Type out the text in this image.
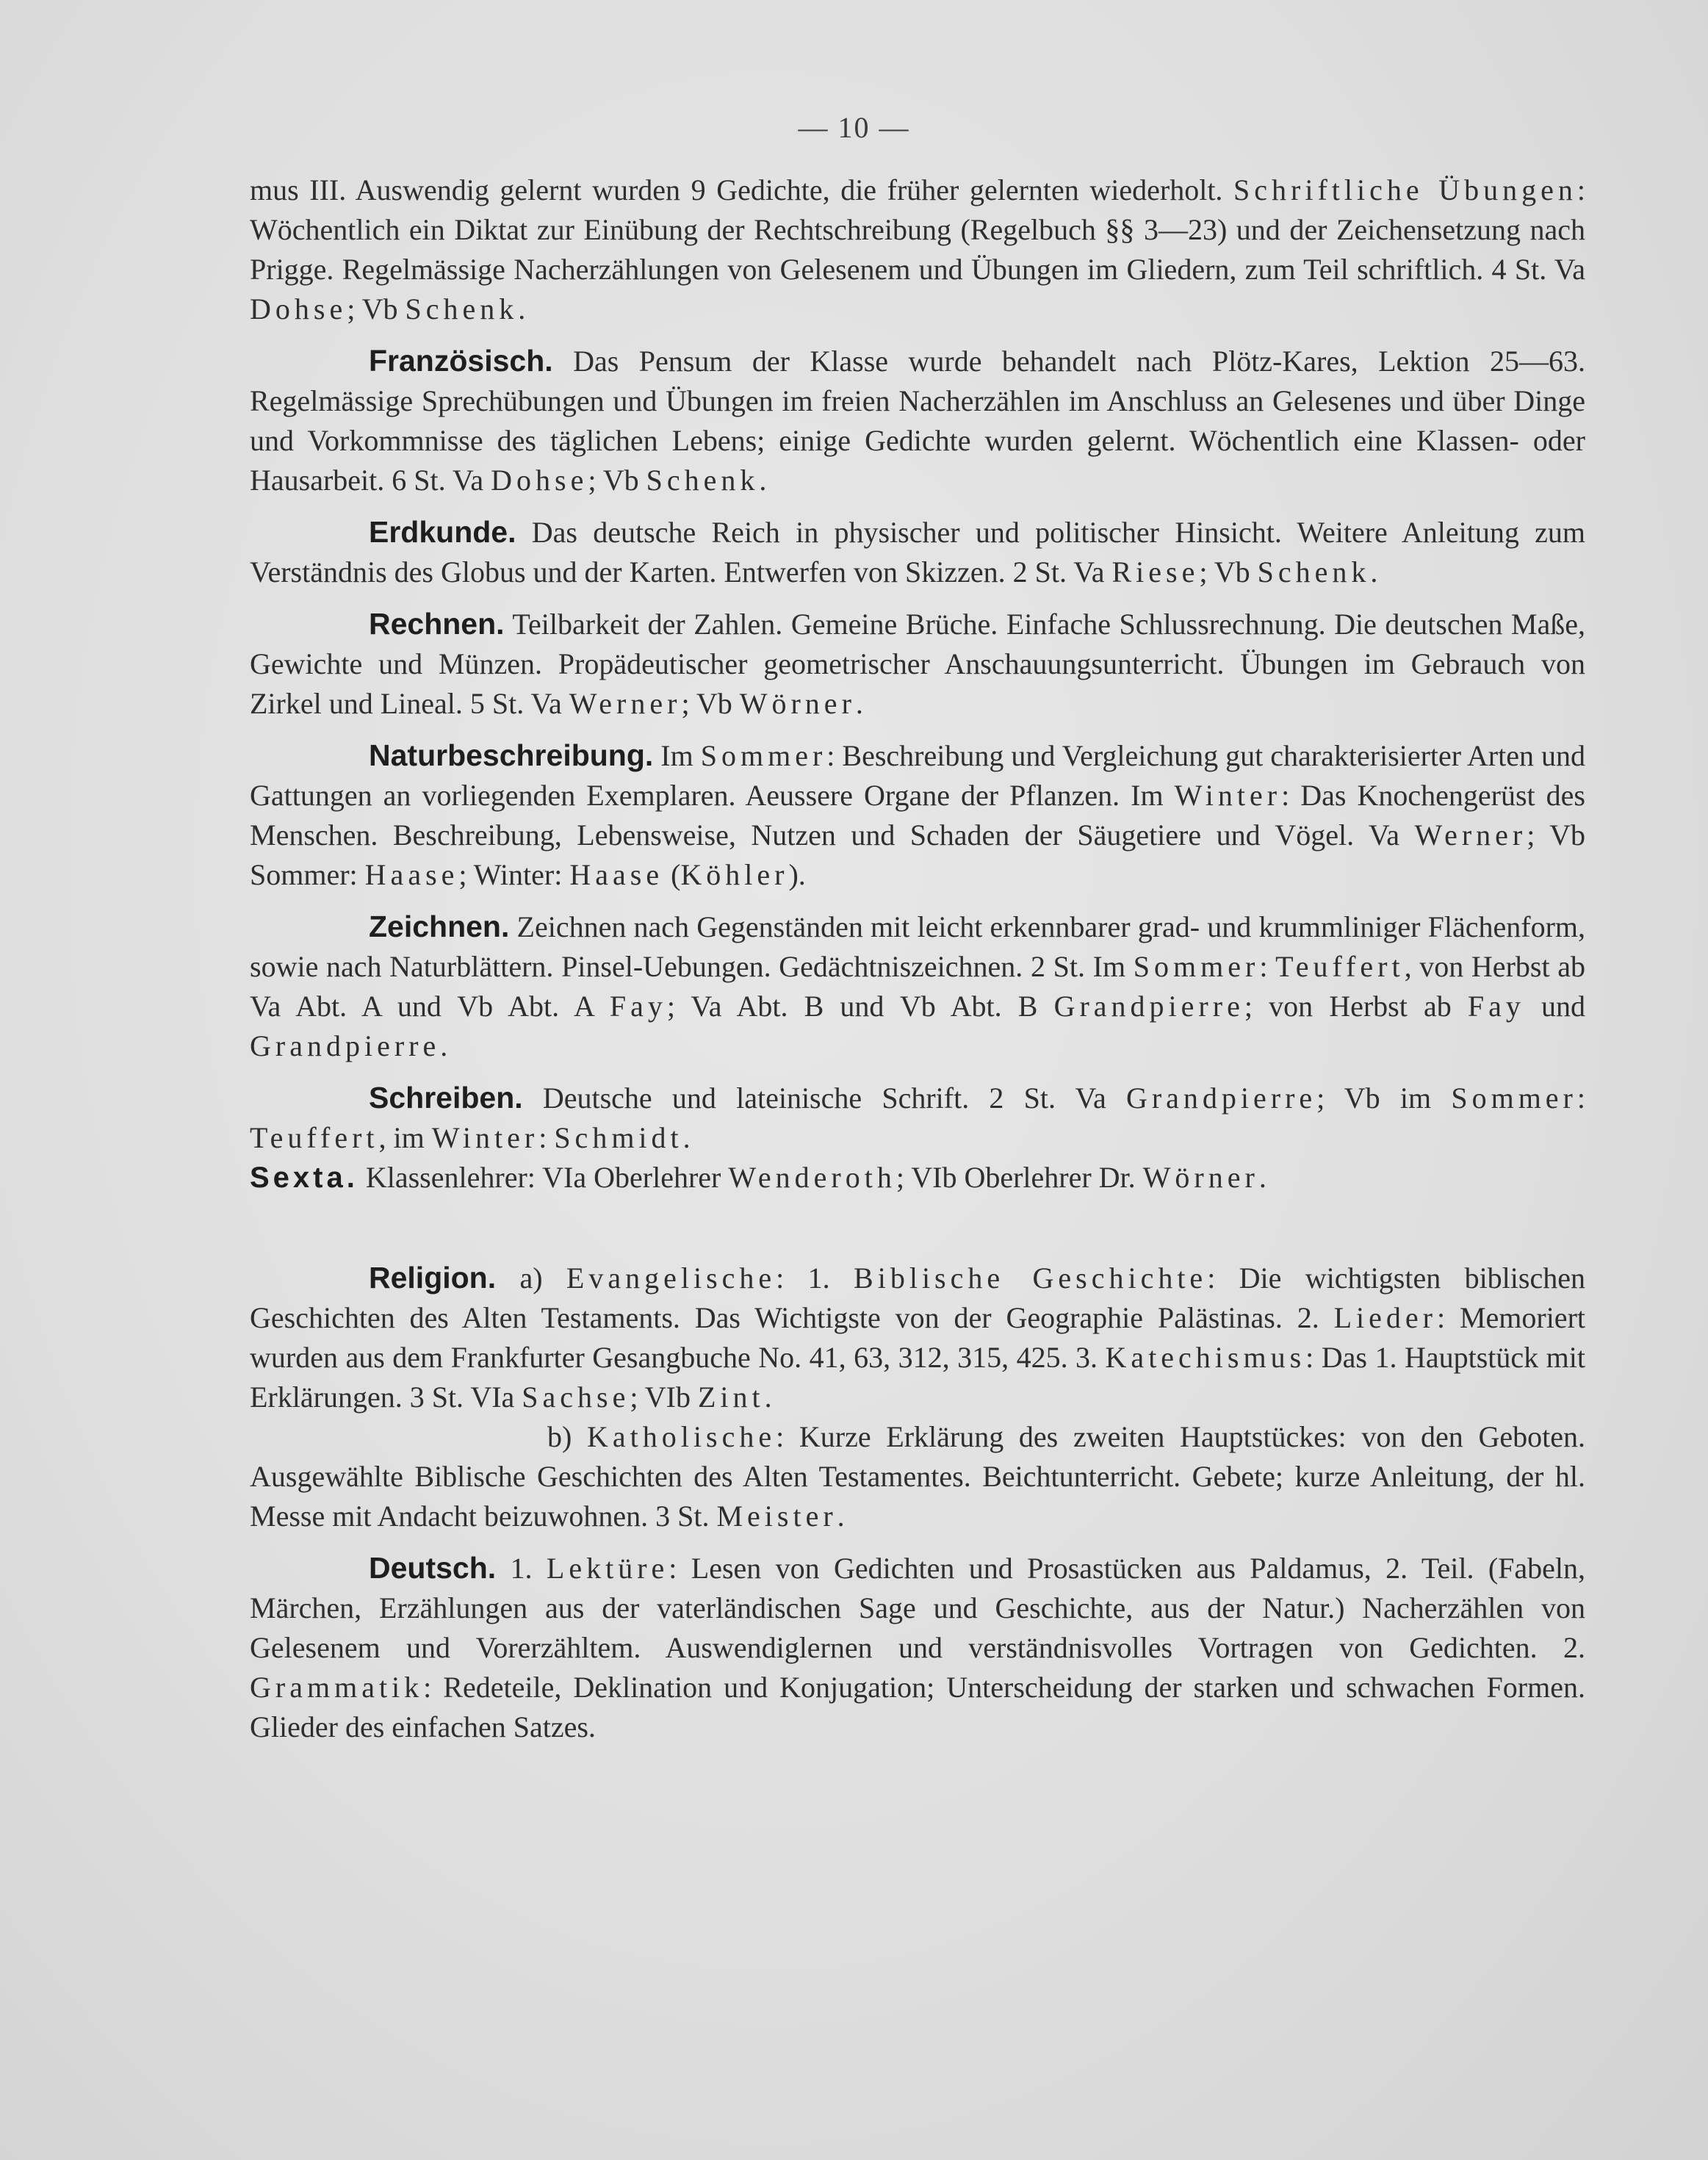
— 10 —

mus III. Auswendig gelernt wurden 9 Gedichte, die früher gelernten wiederholt. Schriftliche Übungen: Wöchentlich ein Diktat zur Einübung der Rechtschreibung (Regelbuch §§ 3—23) und der Zeichensetzung nach Prigge. Regelmässige Nacherzählungen von Gelesenem und Übungen im Gliedern, zum Teil schriftlich. 4 St. Va Dohse; Vb Schenk.

Französisch. Das Pensum der Klasse wurde behandelt nach Plötz-Kares, Lektion 25—63. Regelmässige Sprechübungen und Übungen im freien Nacherzählen im Anschluss an Gelesenes und über Dinge und Vorkommnisse des täglichen Lebens; einige Gedichte wurden gelernt. Wöchentlich eine Klassen- oder Hausarbeit. 6 St. Va Dohse; Vb Schenk.

Erdkunde. Das deutsche Reich in physischer und politischer Hinsicht. Weitere Anleitung zum Verständnis des Globus und der Karten. Entwerfen von Skizzen. 2 St. Va Riese; Vb Schenk.

Rechnen. Teilbarkeit der Zahlen. Gemeine Brüche. Einfache Schlussrechnung. Die deutschen Maße, Gewichte und Münzen. Propädeutischer geometrischer Anschauungsunterricht. Übungen im Gebrauch von Zirkel und Lineal. 5 St. Va Werner; Vb Wörner.

Naturbeschreibung. Im Sommer: Beschreibung und Vergleichung gut charakterisierter Arten und Gattungen an vorliegenden Exemplaren. Aeussere Organe der Pflanzen. Im Winter: Das Knochengerüst des Menschen. Beschreibung, Lebensweise, Nutzen und Schaden der Säugetiere und Vögel. Va Werner; Vb Sommer: Haase; Winter: Haase (Köhler).

Zeichnen. Zeichnen nach Gegenständen mit leicht erkennbarer grad- und krummliniger Flächenform, sowie nach Naturblättern. Pinsel-Uebungen. Gedächtniszeichnen. 2 St. Im Sommer: Teuffert, von Herbst ab Va Abt. A und Vb Abt. A Fay; Va Abt. B und Vb Abt. B Grandpierre; von Herbst ab Fay und Grandpierre.

Schreiben. Deutsche und lateinische Schrift. 2 St. Va Grandpierre; Vb im Sommer: Teuffert, im Winter: Schmidt.

Sexta. Klassenlehrer: VIa Oberlehrer Wenderoth; VIb Oberlehrer Dr. Wörner.

Religion. a) Evangelische: 1. Biblische Geschichte: Die wichtigsten biblischen Geschichten des Alten Testaments. Das Wichtigste von der Geographie Palästinas. 2. Lieder: Memoriert wurden aus dem Frankfurter Gesangbuche No. 41, 63, 312, 315, 425. 3. Katechismus: Das 1. Hauptstück mit Erklärungen. 3 St. VIa Sachse; VIb Zint.

b) Katholische: Kurze Erklärung des zweiten Hauptstückes: von den Geboten. Ausgewählte Biblische Geschichten des Alten Testamentes. Beichtunterricht. Gebete; kurze Anleitung, der hl. Messe mit Andacht beizuwohnen. 3 St. Meister.

Deutsch. 1. Lektüre: Lesen von Gedichten und Prosastücken aus Paldamus, 2. Teil. (Fabeln, Märchen, Erzählungen aus der vaterländischen Sage und Geschichte, aus der Natur.) Nacherzählen von Gelesenem und Vorerzähltem. Auswendiglernen und verständnisvolles Vortragen von Gedichten. 2. Grammatik: Redeteile, Deklination und Konjugation; Unterscheidung der starken und schwachen Formen. Glieder des einfachen Satzes.
